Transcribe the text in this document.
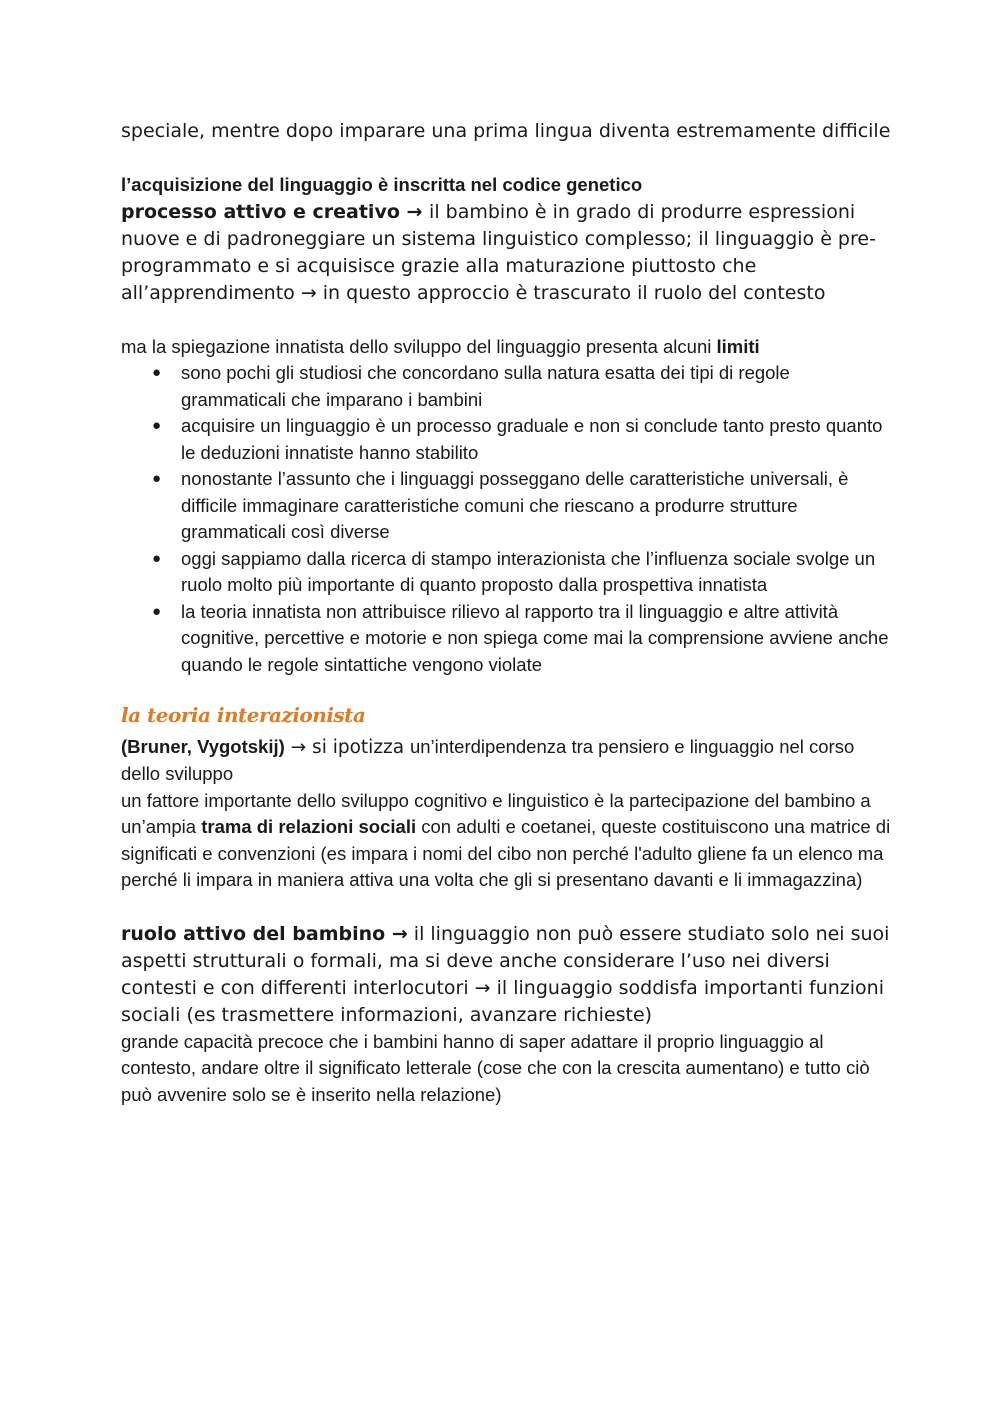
speciale, mentre dopo imparare una prima lingua diventa estremamente difficile

l’acquisizione del linguaggio è inscritta nel codice genetico

processo attivo e creativo → il bambino è in grado di produrre espressioni nuove e di padroneggiare un sistema linguistico complesso; il linguaggio è pre-programmato e si acquisisce grazie alla maturazione piuttosto che all’apprendimento → in questo approccio è trascurato il ruolo del contesto

ma la spiegazione innatista dello sviluppo del linguaggio presenta alcuni limiti

● sono pochi gli studiosi che concordano sulla natura esatta dei tipi di regole grammaticali che imparano i bambini
● acquisire un linguaggio è un processo graduale e non si conclude tanto presto quanto le deduzioni innatiste hanno stabilito
● nonostante l’assunto che i linguaggi posseggano delle caratteristiche universali, è difficile immaginare caratteristiche comuni che riescano a produrre strutture grammaticali così diverse
● oggi sappiamo dalla ricerca di stampo interazionista che l’influenza sociale svolge un ruolo molto più importante di quanto proposto dalla prospettiva innatista
● la teoria innatista non attribuisce rilievo al rapporto tra il linguaggio e altre attività cognitive, percettive e motorie e non spiega come mai la comprensione avviene anche quando le regole sintattiche vengono violate
la teoria interazionista

(Bruner, Vygotskij) → si ipotizza un’interdipendenza tra pensiero e linguaggio nel corso dello sviluppo

un fattore importante dello sviluppo cognitivo e linguistico è la partecipazione del bambino a un’ampia trama di relazioni sociali con adulti e coetanei, queste costituiscono una matrice di significati e convenzioni (es impara i nomi del cibo non perché l'adulto gliene fa un elenco ma perché li impara in maniera attiva una volta che gli si presentano davanti e li immagazzina)

ruolo attivo del bambino → il linguaggio non può essere studiato solo nei suoi aspetti strutturali o formali, ma si deve anche considerare l’uso nei diversi contesti e con differenti interlocutori → il linguaggio soddisfa importanti funzioni sociali (es trasmettere informazioni, avanzare richieste)

grande capacità precoce che i bambini hanno di saper adattare il proprio linguaggio al contesto, andare oltre il significato letterale (cose che con la crescita aumentano) e tutto ciò può avvenire solo se è inserito nella relazione)
